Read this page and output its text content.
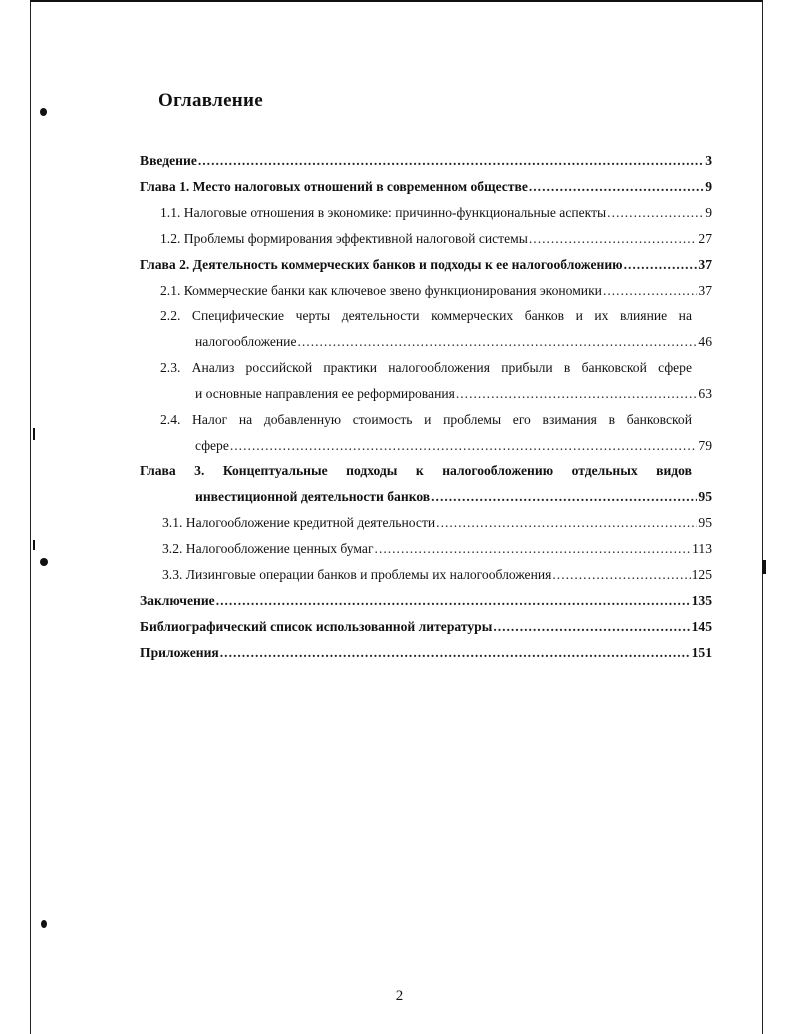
Оглавление
Введение .....	3
Глава 1. Место налоговых отношений в современном обществе .....	9
1.1. Налоговые отношения в экономике: причинно-функциональные аспекты .....	9
1.2. Проблемы формирования эффективной налоговой системы .....	27
Глава 2. Деятельность коммерческих банков и подходы к ее налогообложению .....	37
2.1. Коммерческие банки как ключевое звено функционирования экономики .....	37
2.2. Специфические черты деятельности коммерческих банков и их влияние на
налогообложение .....	46
2.3. Анализ российской практики налогообложения прибыли в банковской сфере
и основные направления ее реформирования .....	63
2.4. Налог на добавленную стоимость и проблемы его взимания в банковской
сфере .....	79
Глава 3. Концептуальные подходы к налогообложению отдельных видов
инвестиционной деятельности банков .....	95
3.1. Налогообложение кредитной деятельности .....	95
3.2. Налогообложение ценных бумаг .....	113
3.3. Лизинговые операции банков и проблемы их налогообложения .....	125
Заключение .....	135
Библиографический список использованной литературы .....	145
Приложения .....	151
2
